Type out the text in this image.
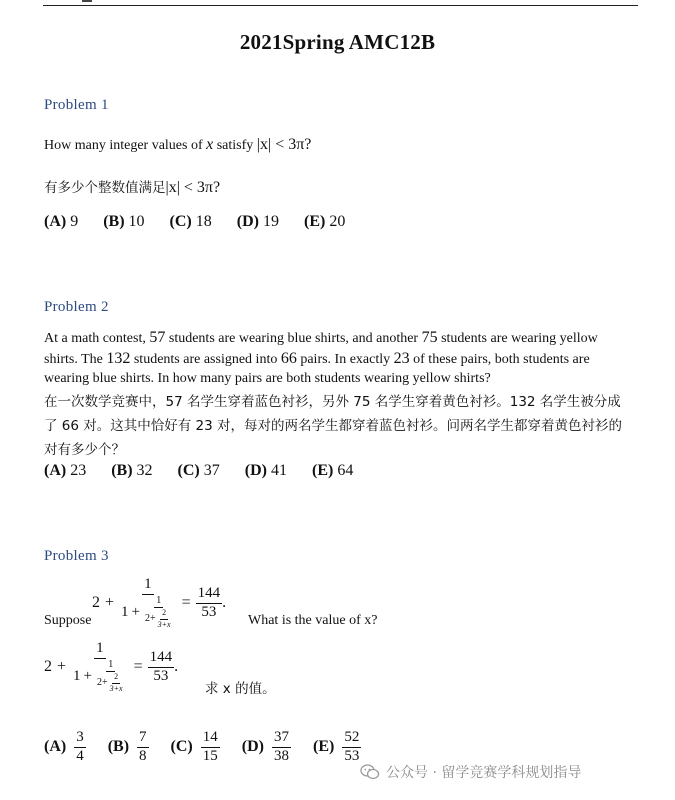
2021Spring AMC12B
Problem 1
How many integer values of x satisfy |x| < 3π?
有多少个整数值满足|x| < 3π?
(A) 9 (B) 10 (C) 18 (D) 19 (E) 20
Problem 2
At a math contest, 57 students are wearing blue shirts, and another 75 students are wearing yellow shirts. The 132 students are assigned into 66 pairs. In exactly 23 of these pairs, both students are wearing blue shirts. In how many pairs are both students wearing yellow shirts?
在一次数学竞赛中，57 名学生穿着蓝色衬衫，另外 75 名学生穿着黄色衬衫。132 名学生被分成了 66 对。这其中恰好有 23 对，每对的两名学生都穿着蓝色衬衫。问两名学生都穿着黄色衬衫的对有多少个？
(A) 23 (B) 32 (C) 37 (D) 41 (E) 64
Problem 3
2 +
1
$1 + \frac{1}{2 + \frac{2}{3+x}} = \frac{144}{53}$ .
Suppose	What is the value of x?
2 +
1
$1 + \frac{1}{2 + \frac{2}{3+x}} = \frac{144}{53}$ .
求 x 的值。
$(A) \frac{3}{4} (B) \frac{7}{8} (C) \frac{14}{15} (D) \frac{37}{38} (E) \frac{52}{53}$
公众号 · 留学竞赛学科规划指导
